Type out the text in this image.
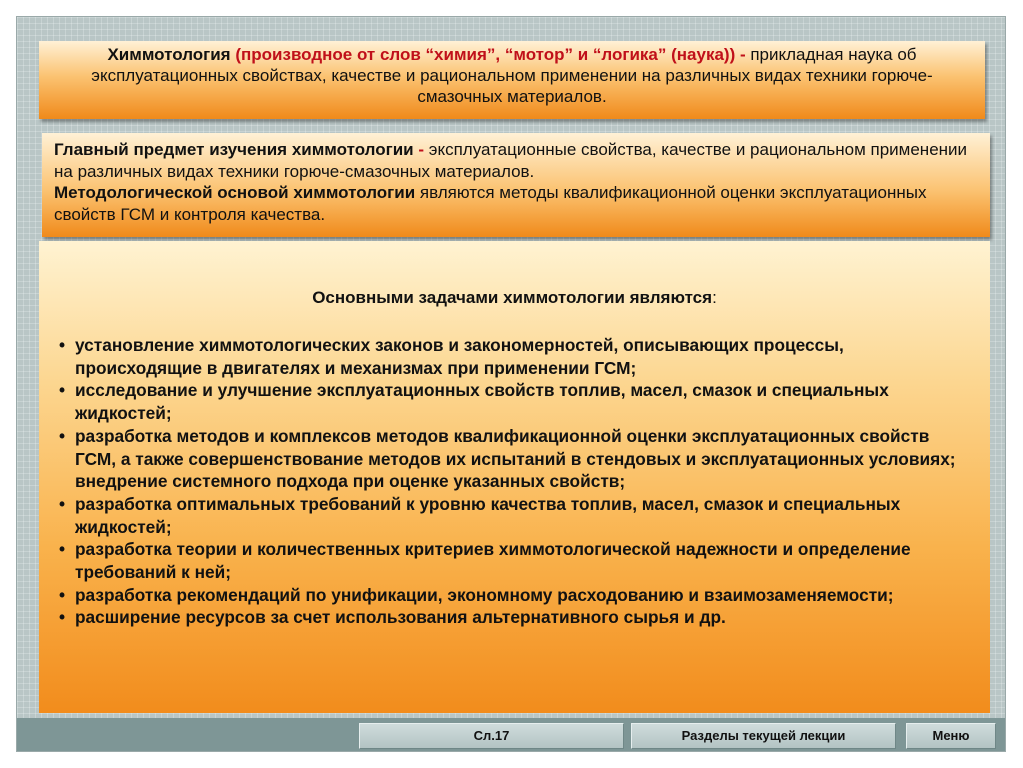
Химмотология (производное от слов “химия”, “мотор” и “логика” (наука)) - прикладная наука об эксплуатационных свойствах, качестве и рациональном применении на различных видах техники горюче-смазочных материалов.
Главный предмет изучения химмотологии - эксплуатационные свойства, качестве и рациональном применении на различных видах техники горюче-смазочных материалов.
Методологической основой химмотологии являются методы квалификационной оценки эксплуатационных свойств ГСМ и контроля качества.
Основными задачами химмотологии являются:
• установление химмотологических законов и закономерностей, описывающих процессы, происходящие в двигателях и механизмах при применении ГСМ;
• исследование и улучшение эксплуатационных свойств топлив, масел, смазок и специальных жидкостей;
• разработка методов и комплексов методов квалификационной оценки эксплуатационных свойств ГСМ, а также совершенствование методов их испытаний в стендовых и эксплуатационных условиях; внедрение системного подхода при оценке указанных свойств;
• разработка оптимальных требований к уровню качества топлив, масел, смазок и специальных жидкостей;
• разработка теории и количественных критериев химмотологической надежности и определение требований к ней;
• разработка рекомендаций по унификации, экономному расходованию и взаимозаменяемости;
• расширение ресурсов за счет использования альтернативного сырья и др.
Сл.17	Разделы текущей лекции	Меню
